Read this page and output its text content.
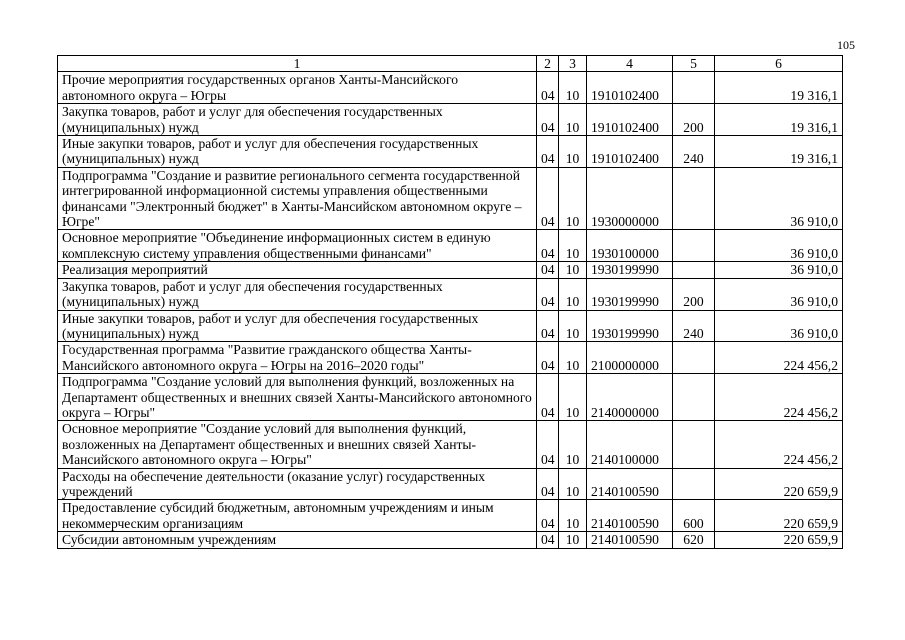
105
1	2	3	4	5	6
Прочие мероприятия государственных органов Ханты-Мансийского автономного округа – Югры	04	10	1910102400		19 316,1
Закупка товаров, работ и услуг для обеспечения государственных (муниципальных) нужд	04	10	1910102400	200	19 316,1
Иные закупки товаров, работ и услуг для обеспечения государственных (муниципальных) нужд	04	10	1910102400	240	19 316,1
Подпрограмма "Создание и развитие регионального сегмента государственной интегрированной информационной системы управления общественными финансами "Электронный бюджет" в Ханты-Мансийском автономном округе – Югре"	04	10	1930000000		36 910,0
Основное мероприятие "Объединение информационных систем в единую комплексную систему управления общественными финансами"	04	10	1930100000		36 910,0
Реализация мероприятий	04	10	1930199990		36 910,0
Закупка товаров, работ и услуг для обеспечения государственных (муниципальных) нужд	04	10	1930199990	200	36 910,0
Иные закупки товаров, работ и услуг для обеспечения государственных (муниципальных) нужд	04	10	1930199990	240	36 910,0
Государственная программа "Развитие гражданского общества Ханты-Мансийского автономного округа – Югры на 2016–2020 годы"	04	10	2100000000		224 456,2
Подпрограмма "Создание условий для выполнения функций, возложенных на Департамент общественных и внешних связей Ханты-Мансийского автономного округа – Югры"	04	10	2140000000		224 456,2
Основное мероприятие "Создание условий для выполнения функций, возложенных на Департамент общественных и внешних связей Ханты-Мансийского автономного округа – Югры"	04	10	2140100000		224 456,2
Расходы на обеспечение деятельности (оказание услуг) государственных учреждений	04	10	2140100590		220 659,9
Предоставление субсидий бюджетным, автономным учреждениям и иным некоммерческим организациям	04	10	2140100590	600	220 659,9
Субсидии автономным учреждениям	04	10	2140100590	620	220 659,9
